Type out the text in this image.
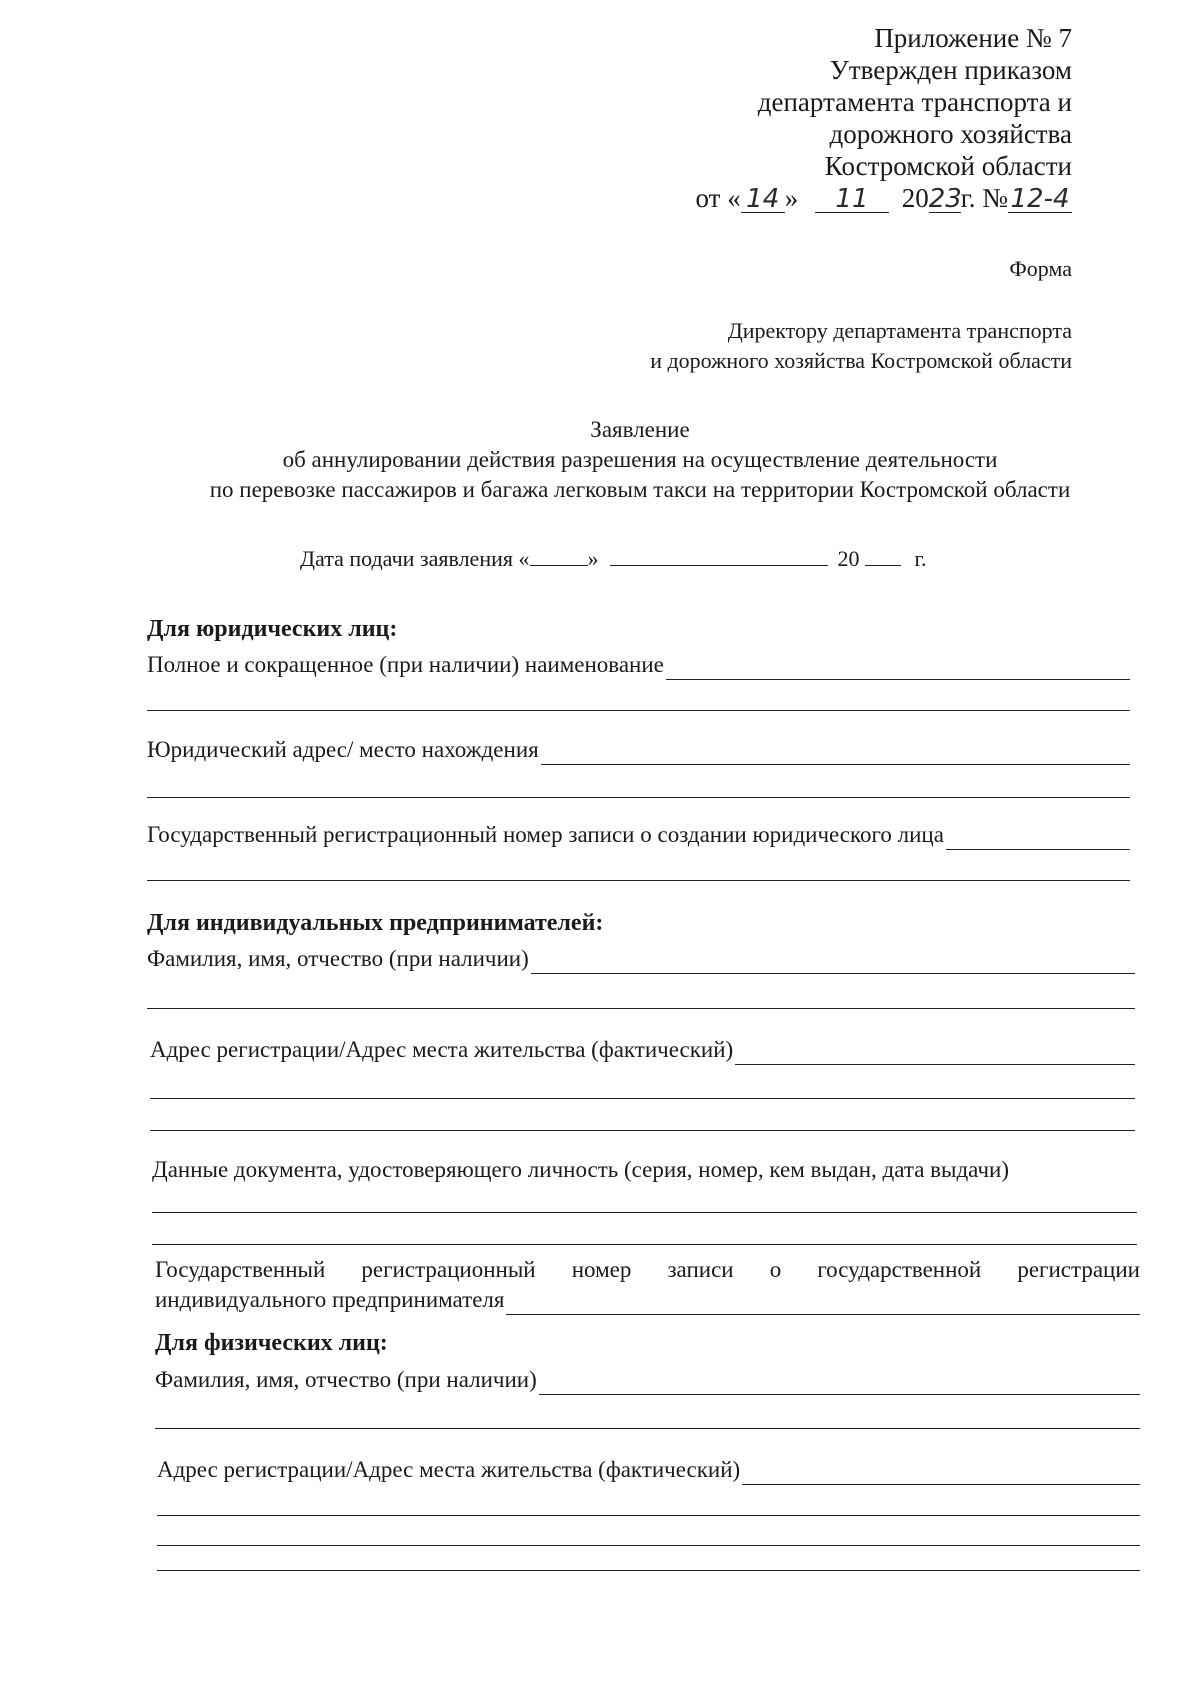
Приложение № 7
Утвержден приказом
департамента транспорта и
дорожного хозяйства
Костромской области
от « 14 » 11 2023г. №12-4
Форма
Директору департамента транспорта
и дорожного хозяйства Костромской области
Заявление
об аннулировании действия разрешения на осуществление деятельности
по перевозке пассажиров и багажа легковым такси на территории Костромской области
Дата подачи заявления «	»	20	г.
Для юридических лиц:
Полное и сокращенное (при наличии) наименование
Юридический адрес/ место нахождения
Государственный регистрационный номер записи о создании юридического лица
Для индивидуальных предпринимателей:
Фамилия, имя, отчество (при наличии)
Адрес регистрации/Адрес места жительства (фактический)
Данные документа, удостоверяющего личность (серия, номер, кем выдан, дата выдачи)
Государственный регистрационный номер записи о государственной регистрации
индивидуального предпринимателя
Для физических лиц:
Фамилия, имя, отчество (при наличии)
Адрес регистрации/Адрес места жительства (фактический)
